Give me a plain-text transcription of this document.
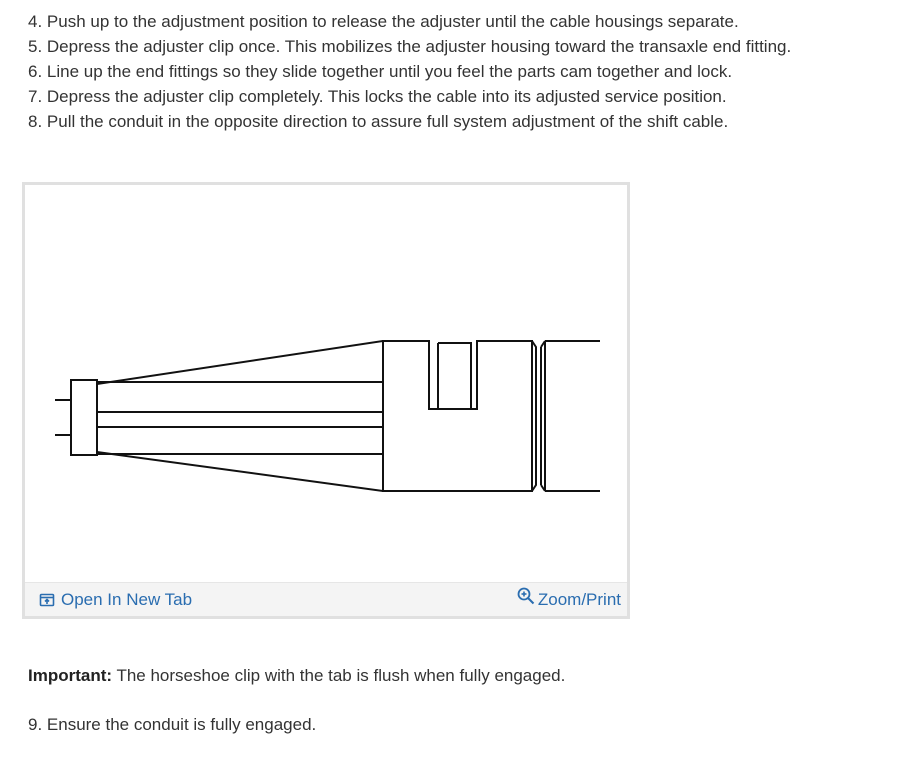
4. Push up to the adjustment position to release the adjuster until the cable housings separate.
5. Depress the adjuster clip once. This mobilizes the adjuster housing toward the transaxle end fitting.
6. Line up the end fittings so they slide together until you feel the parts cam together and lock.
7. Depress the adjuster clip completely. This locks the cable into its adjusted service position.
8. Pull the conduit in the opposite direction to assure full system adjustment of the shift cable.
Open In New Tab	Zoom/Print

Important: The horseshoe clip with the tab is flush when fully engaged.

9. Ensure the conduit is fully engaged.
